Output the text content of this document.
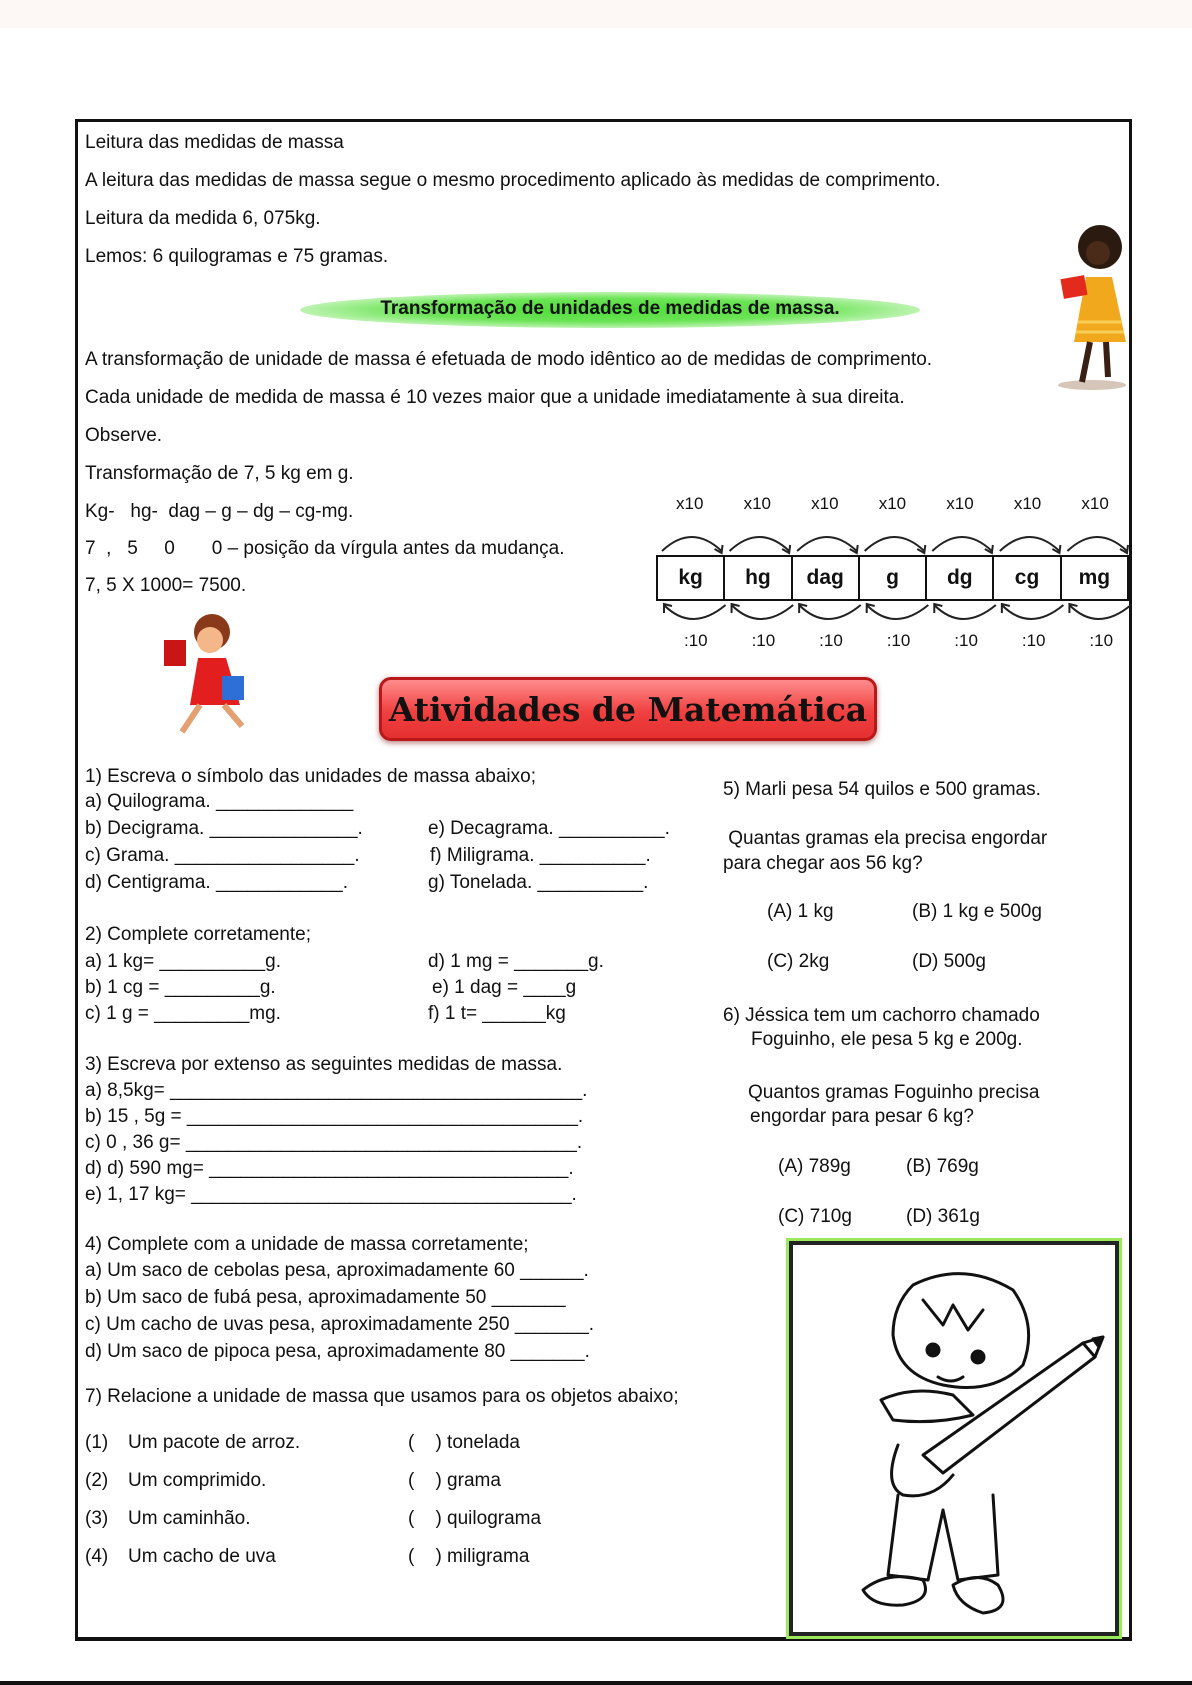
Leitura das medidas de massa
A leitura das medidas de massa segue o mesmo procedimento aplicado às medidas de comprimento.
Leitura da medida 6, 075kg.
Lemos: 6 quilogramas e 75 gramas.
Transformação de unidades de medidas de massa.
A transformação de unidade de massa é efetuada de modo idêntico ao de medidas de comprimento.
Cada unidade de medida de massa é 10 vezes maior que a unidade imediatamente à sua direita.
Observe.
Transformação de 7, 5 kg em g.
Kg-   hg-  dag – g – dg – cg-mg.
7  ,   5     0       0 – posição da vírgula antes da mudança.
7, 5 X 1000= 7500.	kg	hg	dag	g	dg	cg	mg
Atividades de Matemática
1) Escreva o símbolo das unidades de massa abaixo;
a) Quilograma. _____________
b) Decigrama. ______________.
c) Grama. _________________.
d) Centigrama. ____________.
e) Decagrama. __________.
f) Miligrama. __________.
g) Tonelada. __________.
2) Complete corretamente;
a) 1 kg= __________g.
b) 1 cg = _________g.
c) 1 g = _________mg.
d) 1 mg = _______g.
e) 1 dag = ____g
f) 1 t= ______kg
3) Escreva por extenso as seguintes medidas de massa.
a) 8,5kg= _______________________________________.
b) 15 , 5g = _____________________________________.
c) 0 , 36 g= _____________________________________.
d) d) 590 mg= __________________________________.
e) 1, 17 kg= ____________________________________.
4) Complete com a unidade de massa corretamente;
a) Um saco de cebolas pesa, aproximadamente 60 ______.
b) Um saco de fubá pesa, aproximadamente 50 _______
c) Um cacho de uvas pesa, aproximadamente 250 _______.
d) Um saco de pipoca pesa, aproximadamente 80 _______.
7) Relacione a unidade de massa que usamos para os objetos abaixo;
5) Marli pesa 54 quilos e 500 gramas.
Quantas gramas ela precisa engordar
para chegar aos 56 kg?
(A) 1 kg	(B) 1 kg e 500g
(C) 2kg	(D) 500g
6) Jéssica tem um cachorro chamado
Foguinho, ele pesa 5 kg e 200g.
Quantos gramas Foguinho precisa
engordar para pesar 6 kg?
(A) 789g	(B) 769g
(C) 710g	(D) 361g
x10
:10
x10
:10
x10
:10
x10
:10
x10
:10
x10
:10
x10
:10
(1) Um pacote de arroz.	(    ) tonelada
(2) Um comprimido.	(    ) grama
(3) Um caminhão.	(    ) quilograma
(4) Um cacho de uva	(    ) miligrama
